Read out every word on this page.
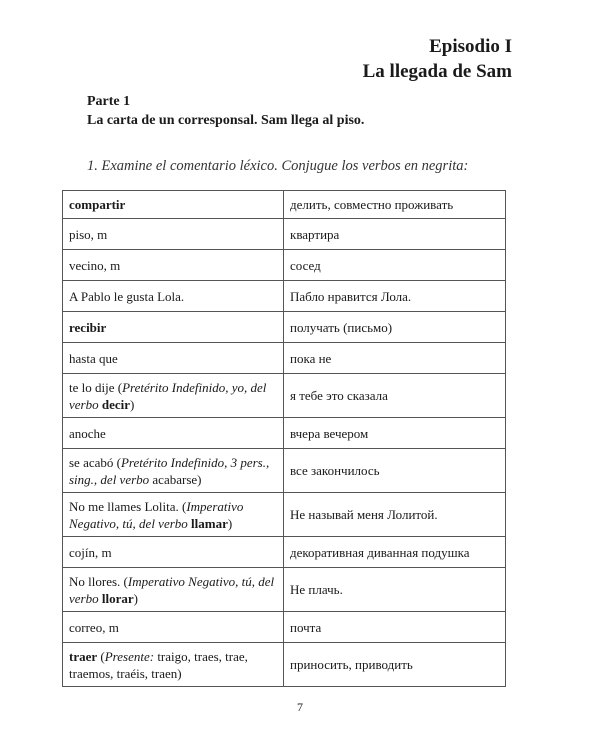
Episodio I
La llegada de Sam
Parte 1
La carta de un corresponsal. Sam llega al piso.
1. Examine el comentario léxico. Conjugue los verbos en negrita:
compartir	делить, совместно проживать
piso, m	квартира
vecino, m	сосед
A Pablo le gusta Lola.	Пабло нравится Лола.
recibir	получать (письмо)
hasta que	пока не
te lo dije (Pretérito Indefinido, yo, del verbo decir)	я тебе это сказала
anoche	вчера вечером
se acabó (Pretérito Indefinido, 3 pers., sing., del verbo acabarse)	все закончилось
No me llames Lolita. (Imperativo Negativo, tú, del verbo llamar)	Не называй меня Лолитой.
cojín, m	декоративная диванная подушка
No llores. (Imperativo Negativo, tú, del verbo llorar)	Не плачь.
correo, m	почта
traer (Presente: traigo, traes, trae, traemos, traéis, traen)	приносить, приводить
7
